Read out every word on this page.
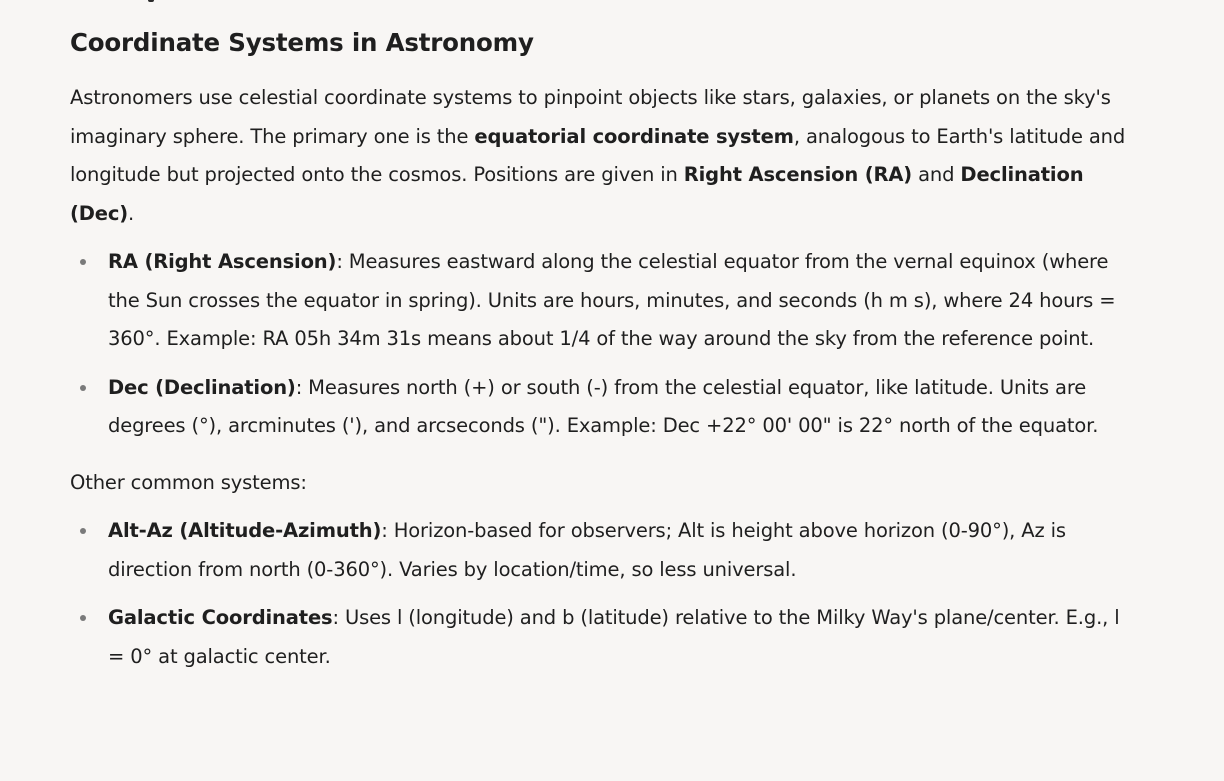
Coordinate Systems in Astronomy

Astronomers use celestial coordinate systems to pinpoint objects like stars, galaxies, or planets on the sky's imaginary sphere. The primary one is the equatorial coordinate system, analogous to Earth's latitude and longitude but projected onto the cosmos. Positions are given in Right Ascension (RA) and Declination (Dec).

RA (Right Ascension): Measures eastward along the celestial equator from the vernal equinox (where the Sun crosses the equator in spring). Units are hours, minutes, and seconds (h m s), where 24 hours = 360°. Example: RA 05h 34m 31s means about 1/4 of the way around the sky from the reference point.
Dec (Declination): Measures north (+) or south (-) from the celestial equator, like latitude. Units are degrees (°), arcminutes ('), and arcseconds ("). Example: Dec +22° 00' 00" is 22° north of the equator.

Other common systems:

Alt-Az (Altitude-Azimuth): Horizon-based for observers; Alt is height above horizon (0-90°), Az is direction from north (0-360°). Varies by location/time, so less universal.
Galactic Coordinates: Uses l (longitude) and b (latitude) relative to the Milky Way's plane/center. E.g., l = 0° at galactic center.
